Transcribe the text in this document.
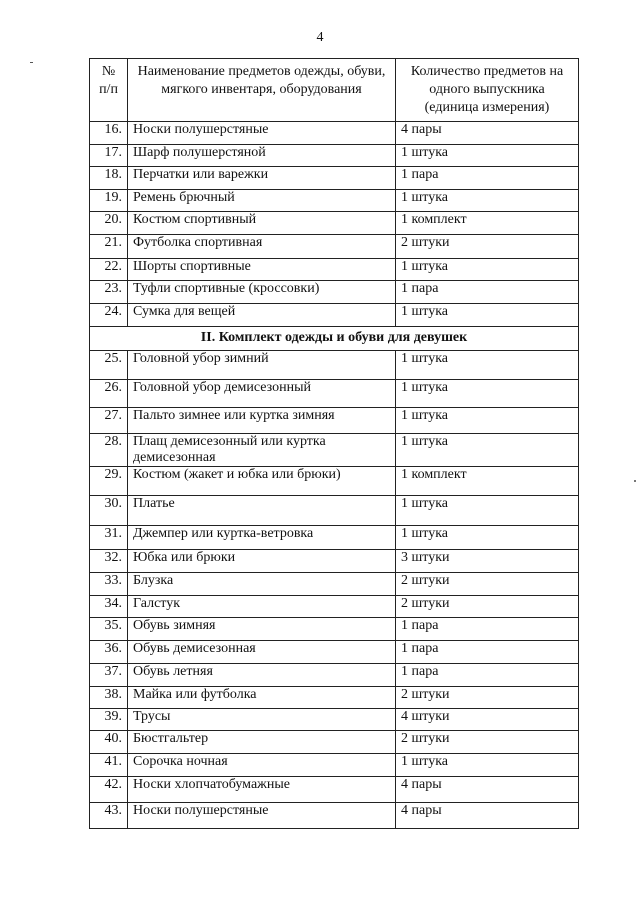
4
№ п/п	Наименование предметов одежды, обуви, мягкого инвентаря, оборудования	Количество предметов на одного выпускника (единица измерения)
16.	Носки полушерстяные	4 пары
17.	Шарф полушерстяной	1 штука
18.	Перчатки или варежки	1 пара
19.	Ремень брючный	1 штука
20.	Костюм спортивный	1 комплект
21.	Футболка спортивная	2 штуки
22.	Шорты спортивные	1 штука
23.	Туфли спортивные (кроссовки)	1 пара
24.	Сумка для вещей	1 штука
II. Комплект одежды и обуви для девушек		
25.	Головной убор зимний	1 штука
26.	Головной убор демисезонный	1 штука
27.	Пальто зимнее или куртка зимняя	1 штука
28.	Плащ демисезонный или куртка демисезонная	1 штука
29.	Костюм (жакет и юбка или брюки)	1 комплект
30.	Платье	1 штука
31.	Джемпер или куртка-ветровка	1 штука
32.	Юбка или брюки	3 штуки
33.	Блузка	2 штуки
34.	Галстук	2 штуки
35.	Обувь зимняя	1 пара
36.	Обувь демисезонная	1 пара
37.	Обувь летняя	1 пара
38.	Майка или футболка	2 штуки
39.	Трусы	4 штуки
40.	Бюстгальтер	2 штуки
41.	Сорочка ночная	1 штука
42.	Носки хлопчатобумажные	4 пары
43.	Носки полушерстяные	4 пары
